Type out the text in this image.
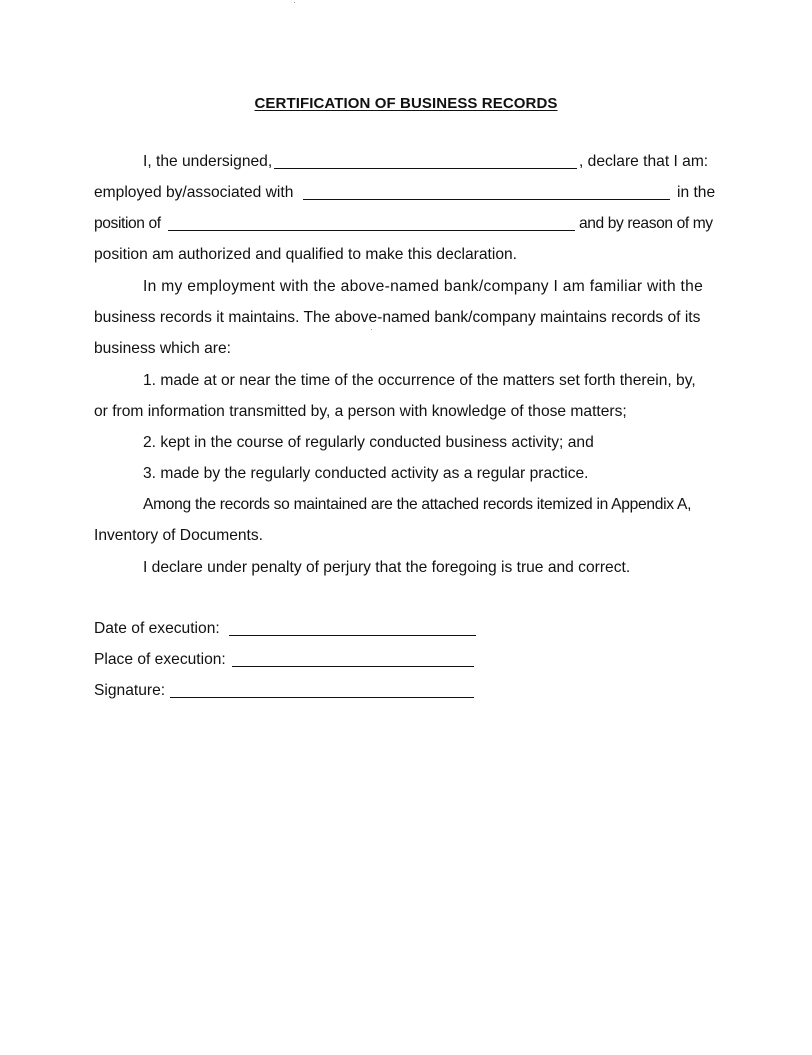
CERTIFICATION OF BUSINESS RECORDS
I, the undersigned,	, declare that I am:
employed by/associated with	in the
position of	and by reason of my
position am authorized and qualified to make this declaration.
In my employment with the above-named bank/company I am familiar with the
business records it maintains. The above-named bank/company maintains records of its
business which are:
1. made at or near the time of the occurrence of the matters set forth therein, by,
or from information transmitted by, a person with knowledge of those matters;
2. kept in the course of regularly conducted business activity; and
3. made by the regularly conducted activity as a regular practice.
Among the records so maintained are the attached records itemized in Appendix A,
Inventory of Documents.
I declare under penalty of perjury that the foregoing is true and correct.
Date of execution:
Place of execution:
Signature:
